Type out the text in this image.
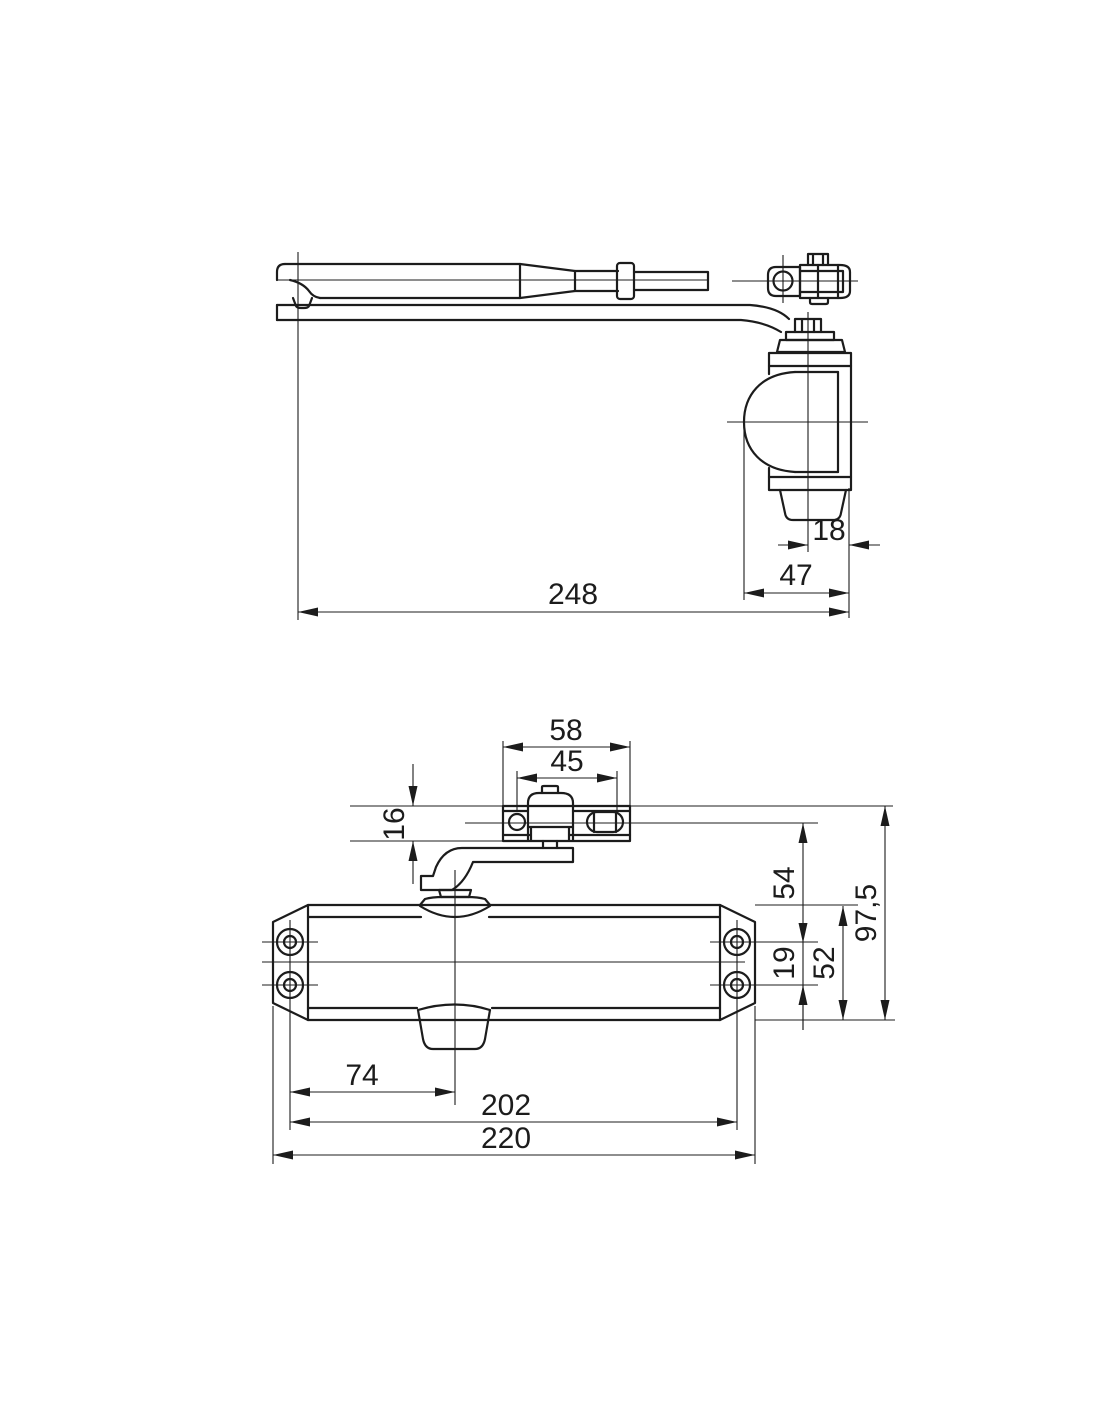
18
47
248
58
45
16
54
19 52
97,5
74
202
220
